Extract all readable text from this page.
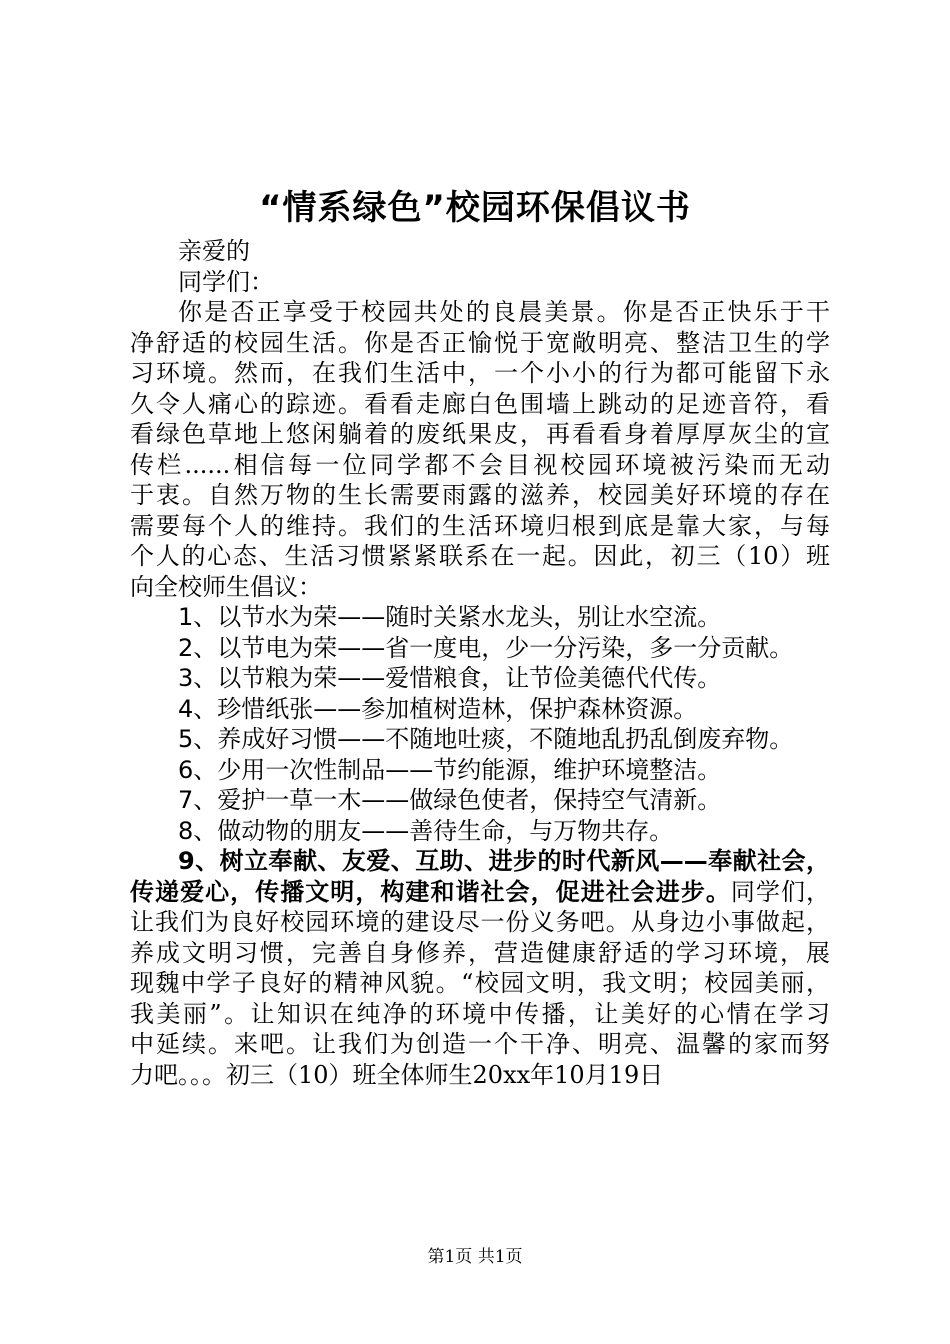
“情系绿色”校园环保倡议书
亲爱的
同学们：
你是否正享受于校园共处的良晨美景。你是否正快乐于干
净舒适的校园生活。你是否正愉悦于宽敞明亮、整洁卫生的学
习环境。然而，在我们生活中，一个小小的行为都可能留下永
久令人痛心的踪迹。看看走廊白色围墙上跳动的足迹音符，看
看绿色草地上悠闲躺着的废纸果皮，再看看身着厚厚灰尘的宣
传栏......相信每一位同学都不会目视校园环境被污染而无动
于衷。自然万物的生长需要雨露的滋养，校园美好环境的存在
需要每个人的维持。我们的生活环境归根到底是靠大家，与每
个人的心态、生活习惯紧紧联系在一起。因此，初三（10）班
向全校师生倡议：
1、以节水为荣——随时关紧水龙头，别让水空流。
2、以节电为荣——省一度电，少一分污染，多一分贡献。
3、以节粮为荣——爱惜粮食，让节俭美德代代传。
4、珍惜纸张——参加植树造林，保护森林资源。
5、养成好习惯——不随地吐痰，不随地乱扔乱倒废弃物。
6、少用一次性制品——节约能源，维护环境整洁。
7、爱护一草一木——做绿色使者，保持空气清新。
8、做动物的朋友——善待生命，与万物共存。
9、树立奉献、友爱、互助、进步的时代新风——奉献社会，
传递爱心，传播文明，构建和谐社会，促进社会进步。同学们，
让我们为良好校园环境的建设尽一份义务吧。从身边小事做起，
养成文明习惯，完善自身修养，营造健康舒适的学习环境，展
现魏中学子良好的精神风貌。“校园文明，我文明；校园美丽，
我美丽”。让知识在纯净的环境中传播，让美好的心情在学习
中延续。来吧。让我们为创造一个干净、明亮、温馨的家而努
力吧。。。初三（10）班全体师生20xx年10月19日
第1页 共1页
